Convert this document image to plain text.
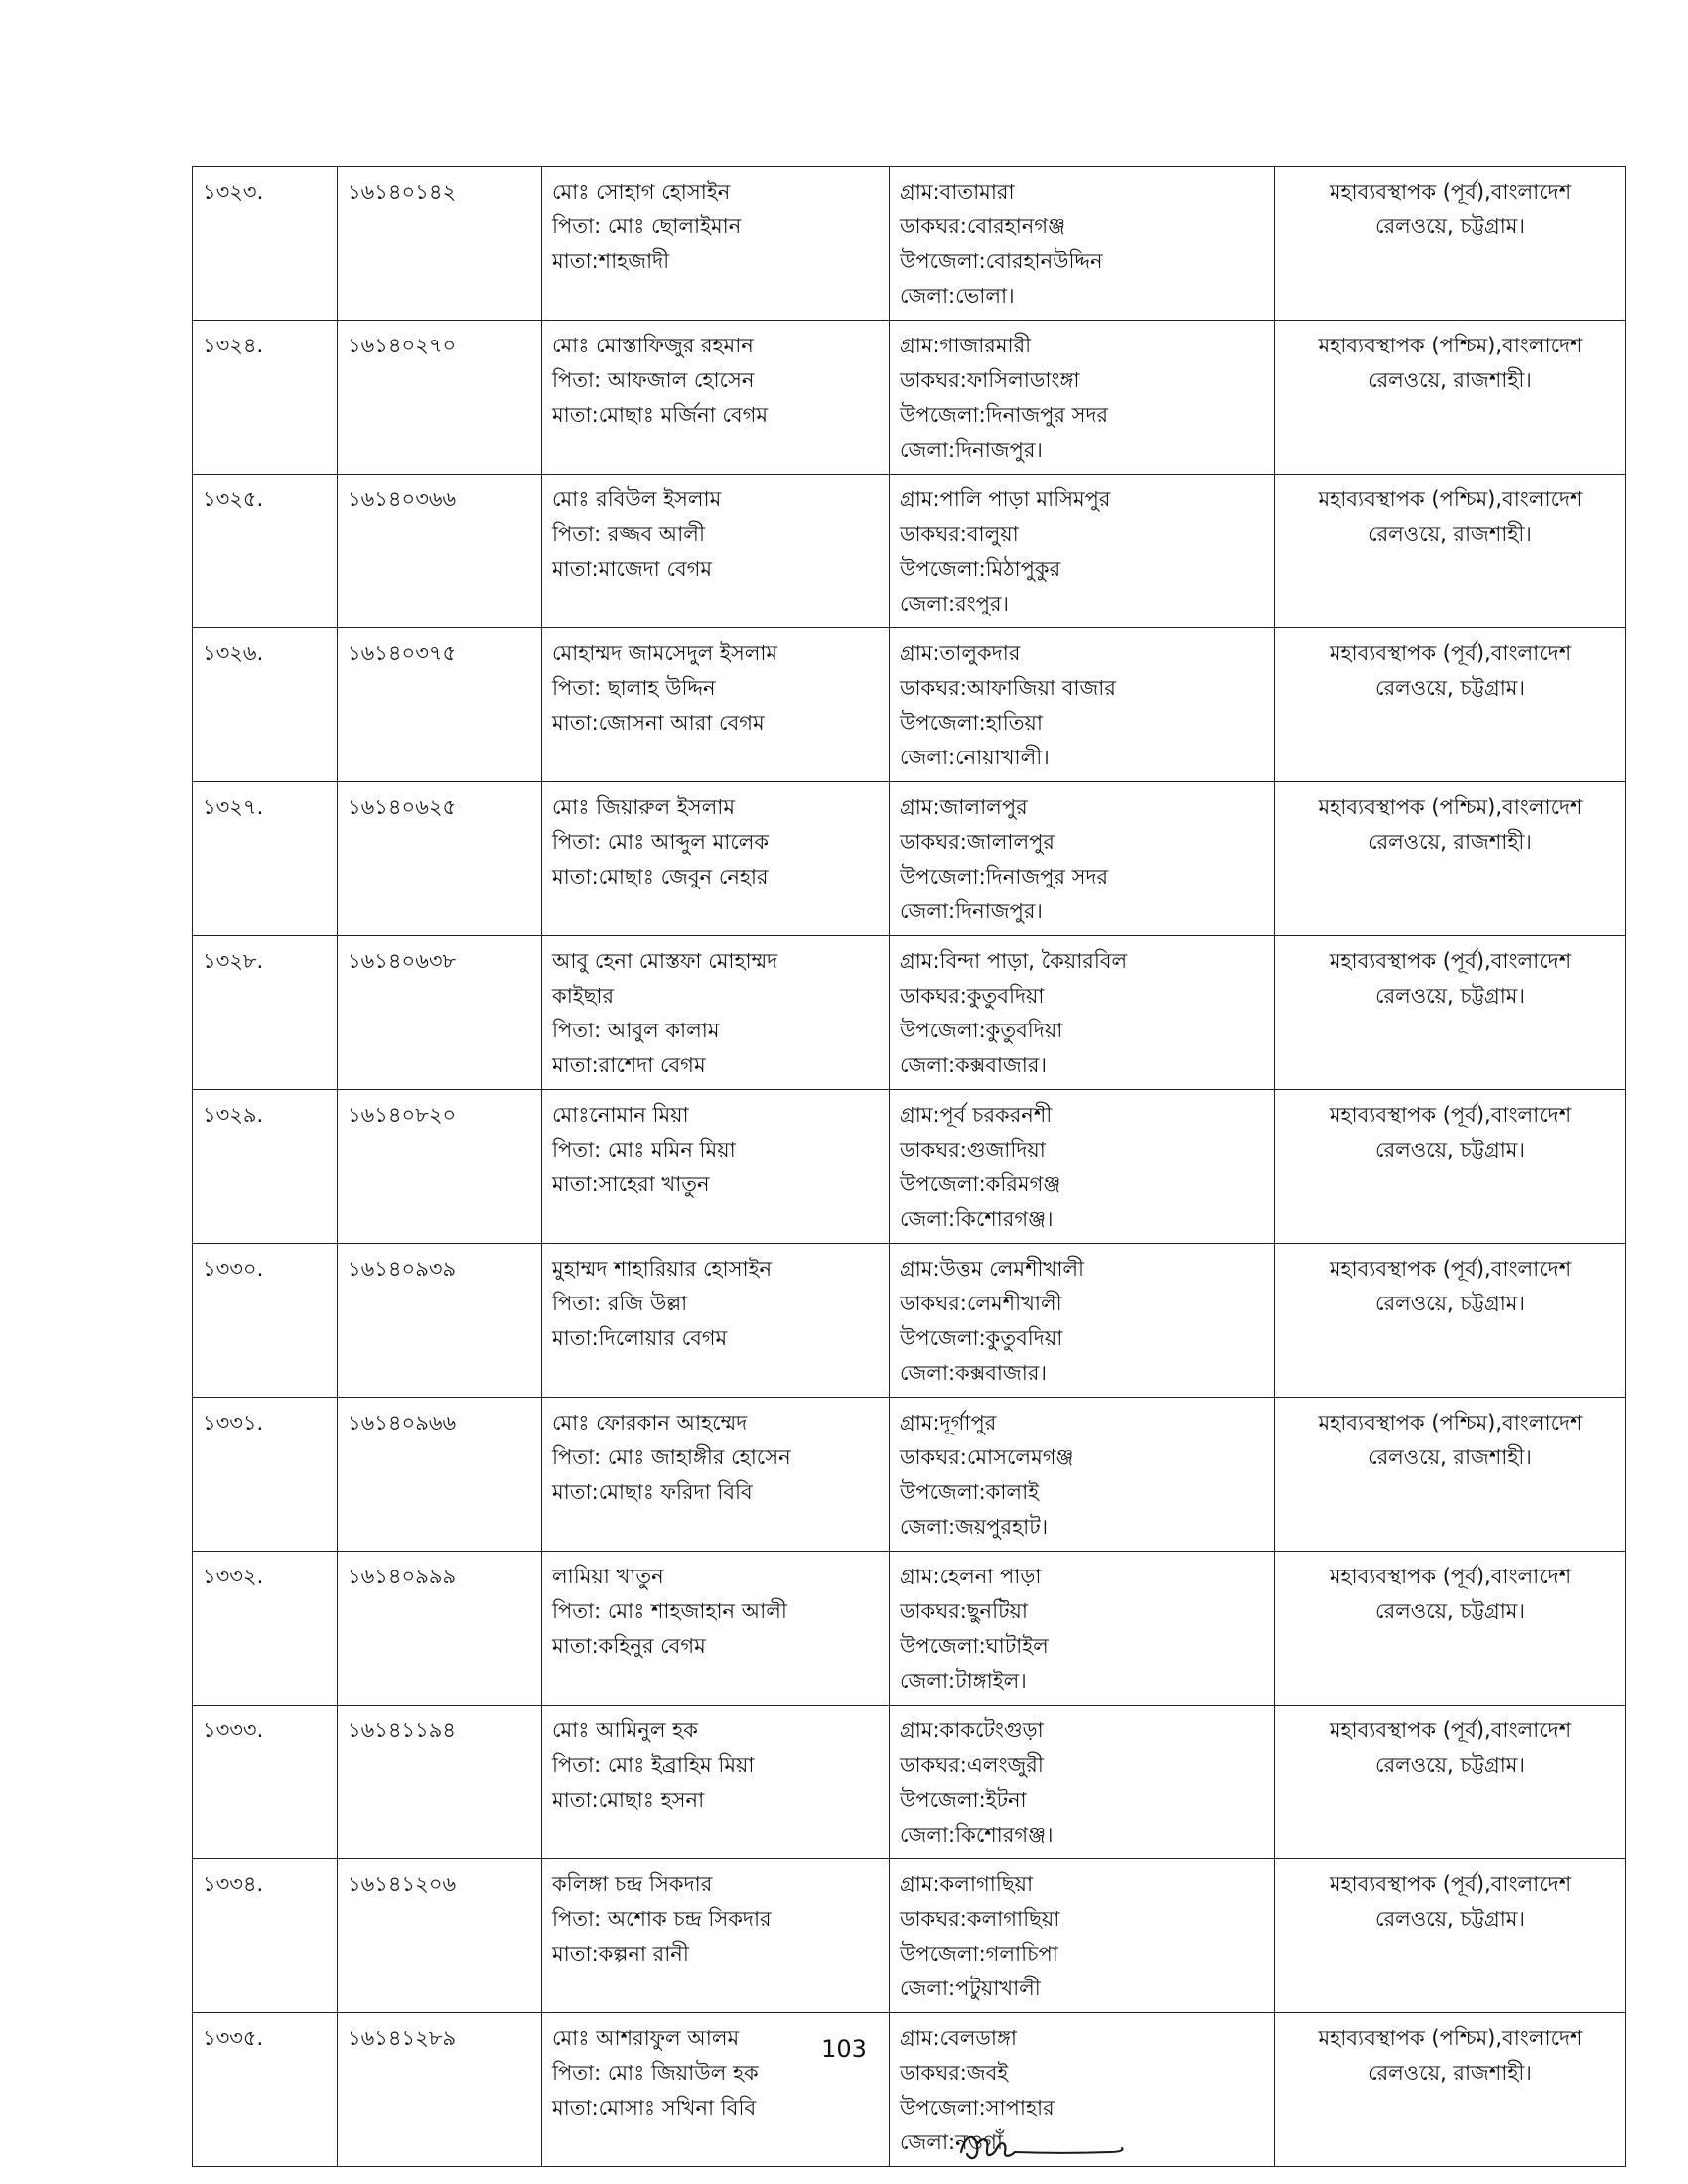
১৩২৩.	১৬১৪০১৪২	মোঃ সোহাগ হোসাইন
পিতা: মোঃ ছোলাইমান
মাতা:শাহজাদী	গ্রাম:বাতামারা
ডাকঘর:বোরহানগঞ্জ
উপজেলা:বোরহানউদ্দিন
জেলা:ভোলা।	মহাব্যবস্থাপক (পূর্ব),বাংলাদেশ
রেলওয়ে, চট্টগ্রাম।

১৩২৪.	১৬১৪০২৭০	মোঃ মোস্তাফিজুর রহমান
পিতা: আফজাল হোসেন
মাতা:মোছাঃ মর্জিনা বেগম	গ্রাম:গাজারমারী
ডাকঘর:ফাসিলাডাংঙ্গা
উপজেলা:দিনাজপুর সদর
জেলা:দিনাজপুর।	মহাব্যবস্থাপক (পশ্চিম),বাংলাদেশ
রেলওয়ে, রাজশাহী।

১৩২৫.	১৬১৪০৩৬৬	মোঃ রবিউল ইসলাম
পিতা: রজ্জব আলী
মাতা:মাজেদা বেগম	গ্রাম:পালি পাড়া মাসিমপুর
ডাকঘর:বালুয়া
উপজেলা:মিঠাপুকুর
জেলা:রংপুর।	মহাব্যবস্থাপক (পশ্চিম),বাংলাদেশ
রেলওয়ে, রাজশাহী।

১৩২৬.	১৬১৪০৩৭৫	মোহাম্মদ জামসেদুল ইসলাম
পিতা: ছালাহ উদ্দিন
মাতা:জোসনা আরা বেগম	গ্রাম:তালুকদার
ডাকঘর:আফাজিয়া বাজার
উপজেলা:হাতিয়া
জেলা:নোয়াখালী।	মহাব্যবস্থাপক (পূর্ব),বাংলাদেশ
রেলওয়ে, চট্টগ্রাম।

১৩২৭.	১৬১৪০৬২৫	মোঃ জিয়ারুল ইসলাম
পিতা: মোঃ আব্দুল মালেক
মাতা:মোছাঃ জেবুন নেহার	গ্রাম:জালালপুর
ডাকঘর:জালালপুর
উপজেলা:দিনাজপুর সদর
জেলা:দিনাজপুর।	মহাব্যবস্থাপক (পশ্চিম),বাংলাদেশ
রেলওয়ে, রাজশাহী।

১৩২৮.	১৬১৪০৬৩৮	আবু হেনা মোস্তফা মোহাম্মদ
কাইছার
পিতা: আবুল কালাম
মাতা:রাশেদা বেগম	গ্রাম:বিন্দা পাড়া, কৈয়ারবিল
ডাকঘর:কুতুবদিয়া
উপজেলা:কুতুবদিয়া
জেলা:কক্সবাজার।	মহাব্যবস্থাপক (পূর্ব),বাংলাদেশ
রেলওয়ে, চট্টগ্রাম।

১৩২৯.	১৬১৪০৮২০	মোঃনোমান মিয়া
পিতা: মোঃ মমিন মিয়া
মাতা:সাহেরা খাতুন	গ্রাম:পূর্ব চরকরনশী
ডাকঘর:গুজাদিয়া
উপজেলা:করিমগঞ্জ
জেলা:কিশোরগঞ্জ।	মহাব্যবস্থাপক (পূর্ব),বাংলাদেশ
রেলওয়ে, চট্টগ্রাম।

১৩৩০.	১৬১৪০৯৩৯	মুহাম্মদ শাহারিয়ার হোসাইন
পিতা: রজি উল্লা
মাতা:দিলোয়ার বেগম	গ্রাম:উত্তম লেমশীখালী
ডাকঘর:লেমশীখালী
উপজেলা:কুতুবদিয়া
জেলা:কক্সবাজার।	মহাব্যবস্থাপক (পূর্ব),বাংলাদেশ
রেলওয়ে, চট্টগ্রাম।

১৩৩১.	১৬১৪০৯৬৬	মোঃ ফোরকান আহম্মেদ
পিতা: মোঃ জাহাঙ্গীর হোসেন
মাতা:মোছাঃ ফরিদা বিবি	গ্রাম:দূর্গাপুর
ডাকঘর:মোসলেমগঞ্জ
উপজেলা:কালাই
জেলা:জয়পুরহাট।	মহাব্যবস্থাপক (পশ্চিম),বাংলাদেশ
রেলওয়ে, রাজশাহী।

১৩৩২.	১৬১৪০৯৯৯	লামিয়া খাতুন
পিতা: মোঃ শাহজাহান আলী
মাতা:কহিনুর বেগম	গ্রাম:হেলনা পাড়া
ডাকঘর:ছুনটিয়া
উপজেলা:ঘাটাইল
জেলা:টাঙ্গাইল।	মহাব্যবস্থাপক (পূর্ব),বাংলাদেশ
রেলওয়ে, চট্টগ্রাম।

১৩৩৩.	১৬১৪১১৯৪	মোঃ আমিনুল হক
পিতা: মোঃ ইব্রাহিম মিয়া
মাতা:মোছাঃ হসনা	গ্রাম:কাকটেংগুড়া
ডাকঘর:এলংজুরী
উপজেলা:ইটনা
জেলা:কিশোরগঞ্জ।	মহাব্যবস্থাপক (পূর্ব),বাংলাদেশ
রেলওয়ে, চট্টগ্রাম।

১৩৩৪.	১৬১৪১২০৬	কলিঙ্গা চন্দ্র সিকদার
পিতা: অশোক চন্দ্র সিকদার
মাতা:কল্পনা রানী	গ্রাম:কলাগাছিয়া
ডাকঘর:কলাগাছিয়া
উপজেলা:গলাচিপা
জেলা:পটুয়াখালী	মহাব্যবস্থাপক (পূর্ব),বাংলাদেশ
রেলওয়ে, চট্টগ্রাম।

১৩৩৫.	১৬১৪১২৮৯	মোঃ আশরাফুল আলম
পিতা: মোঃ জিয়াউল হক
মাতা:মোসাঃ সখিনা বিবি	গ্রাম:বেলডাঙ্গা
ডাকঘর:জবই
উপজেলা:সাপাহার
জেলা:নওগাঁ	মহাব্যবস্থাপক (পশ্চিম),বাংলাদেশ
রেলওয়ে, রাজশাহী।
103
